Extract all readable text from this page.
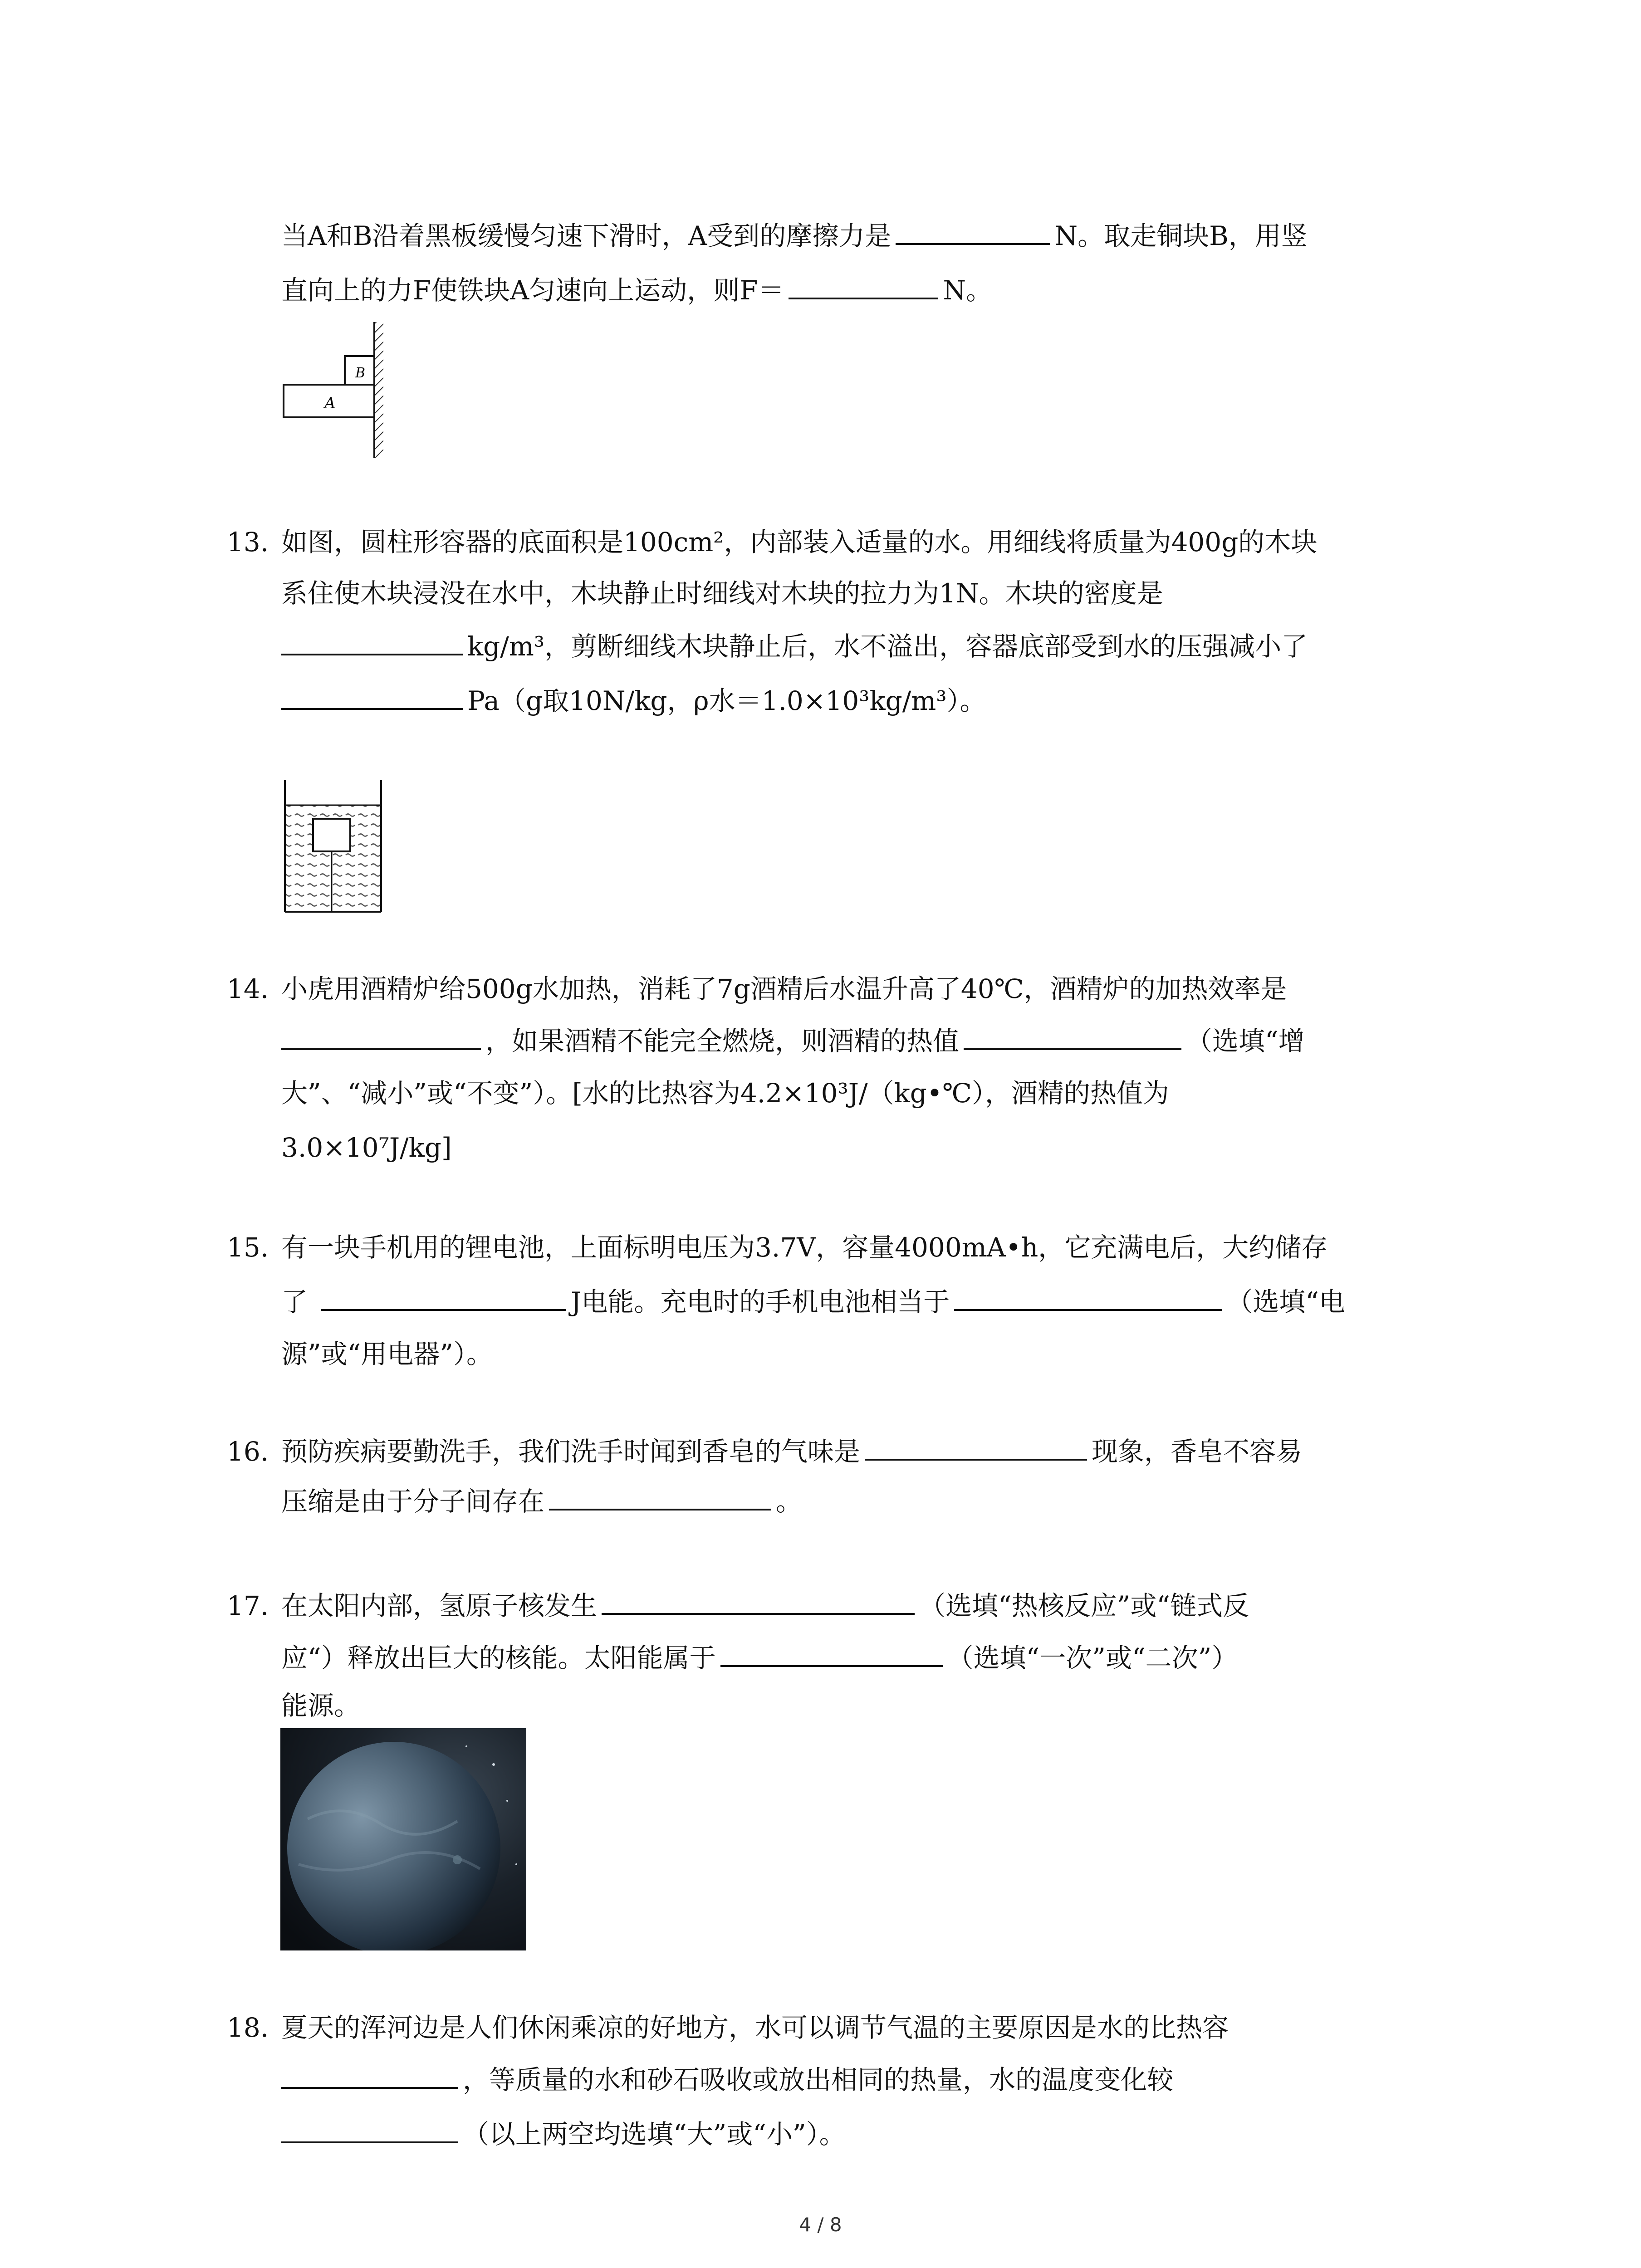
当A和B沿着黑板缓慢匀速下滑时，A受到的摩擦力是	N。取走铜块B，用竖
直向上的力F使铁块A匀速向上运动，则F＝	N。
A
B
13. 如图，圆柱形容器的底面积是100cm²，内部装入适量的水。用细线将质量为400g的木块
系住使木块浸没在水中，木块静止时细线对木块的拉力为1N。木块的密度是
kg/m³，剪断细线木块静止后，水不溢出，容器底部受到水的压强减小了
Pa（g取10N/kg，ρ水＝1.0×10³kg/m³）。
14. 小虎用酒精炉给500g水加热，消耗了7g酒精后水温升高了40℃，酒精炉的加热效率是
，如果酒精不能完全燃烧，则酒精的热值	（选填“增
大”、“减小”或“不变”）。[水的比热容为4.2×10³J/（kg•℃），酒精的热值为
3.0×10⁷J/kg]
15. 有一块手机用的锂电池，上面标明电压为3.7V，容量4000mA•h，它充满电后，大约储存
了	J电能。充电时的手机电池相当于	（选填“电
源”或“用电器”）。
16. 预防疾病要勤洗手，我们洗手时闻到香皂的气味是	现象，香皂不容易
压缩是由于分子间存在	。
17. 在太阳内部，氢原子核发生	（选填“热核反应”或“链式反
应“）释放出巨大的核能。太阳能属于	（选填“一次”或“二次”）
能源。
18. 夏天的浑河边是人们休闲乘凉的好地方，水可以调节气温的主要原因是水的比热容
，等质量的水和砂石吸收或放出相同的热量，水的温度变化较
（以上两空均选填“大”或“小”）。
4 / 8
